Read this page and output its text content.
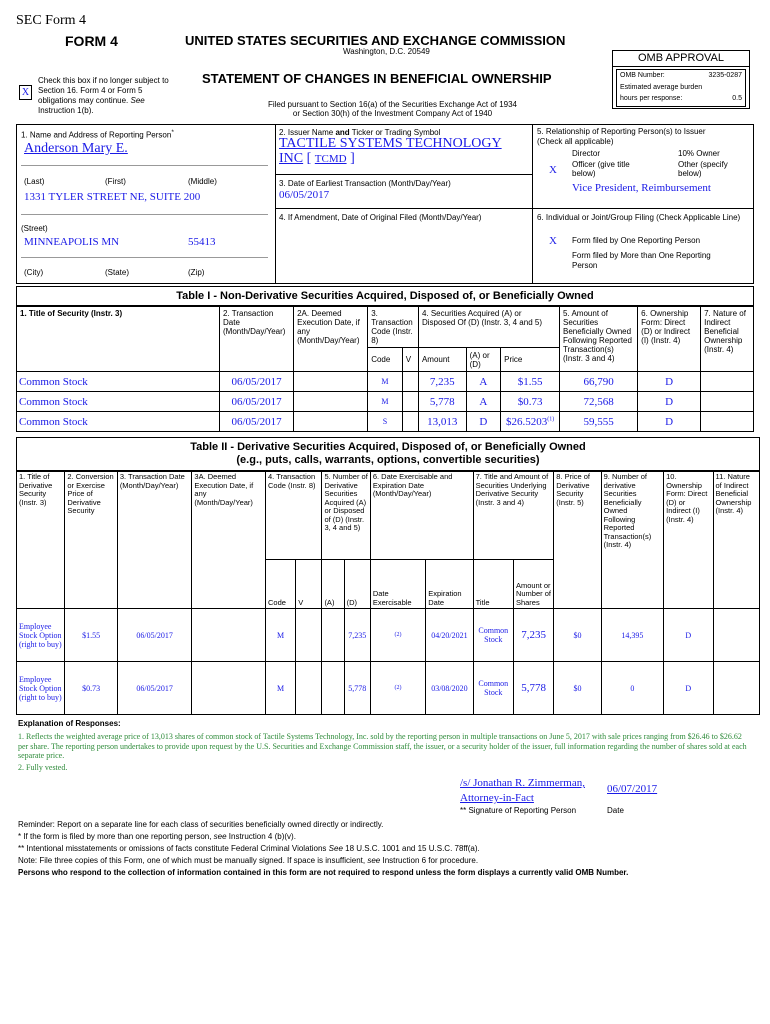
SEC Form 4
FORM 4	UNITED STATES SECURITIES AND EXCHANGE COMMISSION
Washington, D.C. 20549
X
Check this box if no longer subject to Section 16. Form 4 or Form 5 obligations may continue. See
Instruction 1(b).
STATEMENT OF CHANGES IN BENEFICIAL OWNERSHIP
Filed pursuant to Section 16(a) of the Securities Exchange Act of 1934
or Section 30(h) of the Investment Company Act of 1940
OMB APPROVAL
OMB Number:	3235-0287
Estimated average burden
hours per response:	0.5
1. Name and Address of Reporting Person*
Anderson Mary E.
(Last)	(First)	(Middle)
1331 TYLER STREET NE, SUITE 200
(Street)
MINNEAPOLIS MN	55413
(City)	(State)	(Zip)
2. Issuer Name and Ticker or Trading Symbol
TACTILE SYSTEMS TECHNOLOGY INC [ TCMD ]
3. Date of Earliest Transaction (Month/Day/Year)
06/05/2017
4. If Amendment, Date of Original Filed (Month/Day/Year)
5. Relationship of Reporting Person(s) to Issuer
(Check all applicable)
Director	10% Owner
X Officer (give title below)
Other (specify below)
Vice President, Reimbursement
6. Individual or Joint/Group Filing (Check Applicable Line)
X Form filed by One Reporting Person
Form filed by More than One Reporting Person
Table I - Non-Derivative Securities Acquired, Disposed of, or Beneficially Owned
1. Title of Security (Instr. 3)	2. Transaction Date (Month/Day/Year)	2A. Deemed Execution Date, if any (Month/Day/Year)	3. Transaction Code (Instr. 8)		4. Securities Acquired (A) or Disposed Of (D) (Instr. 3, 4 and 5)			5. Amount of Securities Beneficially Owned Following Reported Transaction(s) (Instr. 3 and 4)	6. Ownership Form: Direct (D) or Indirect (I) (Instr. 4)	7. Nature of Indirect Beneficial Ownership (Instr. 4)
			Code	V	Amount	(A) or (D)	Price			
Common Stock	06/05/2017		M		7,235	A	$1.55	66,790	D	
Common Stock	06/05/2017		M		5,778	A	$0.73	72,568	D	
Common Stock	06/05/2017		S		13,013	D	$26.5203$^{(1)}$	59,555	D	
Table II - Derivative Securities Acquired, Disposed of, or Beneficially Owned
(e.g., puts, calls, warrants, options, convertible securities)
1. Title of Derivative Security (Instr. 3)	2. Conversion or Exercise Price of Derivative Security	3. Transaction Date (Month/Day/Year)	3A. Deemed Execution Date, if any (Month/Day/Year)	4. Transaction Code (Instr. 8)		5. Number of Derivative Securities Acquired (A) or Disposed of (D) (Instr. 3, 4 and 5)		6. Date Exercisable and Expiration Date (Month/Day/Year)		7. Title and Amount of Securities Underlying Derivative Security (Instr. 3 and 4)		8. Price of Derivative Security (Instr. 5)	9. Number of derivative Securities Beneficially Owned Following Reported Transaction(s) (Instr. 4)	10. Ownership Form: Direct (D) or Indirect (I) (Instr. 4)	11. Nature of Indirect Beneficial Ownership (Instr. 4)
				Code	V	(A)	(D)	Date Exercisable	Expiration Date	Title	Amount or Number of Shares				
Employee Stock Option (right to buy)	$1.55	06/05/2017		M			7,235	(2)	04/20/2021	Common Stock	7,235	$0	14,395	D	
Employee Stock Option (right to buy)	$0.73	06/05/2017		M			5,778	(2)	03/08/2020	Common Stock	5,778	$0	0	D	
Explanation of Responses:
1. Reflects the weighted average price of 13,013 shares of common stock of Tactile Systems Technology, Inc. sold by the reporting person in multiple transactions on June 5, 2017 with sale prices ranging from $26.46 to $26.62 per share. The reporting person undertakes to provide upon request by the U.S. Securities and Exchange Commission staff, the issuer, or a security holder of the issuer, full information regarding the number of shares sold at each separate price.
2. Fully vested.
/s/ Jonathan R. Zimmerman, Attorney-in-Fact
06/07/2017
** Signature of Reporting Person	Date
Reminder: Report on a separate line for each class of securities beneficially owned directly or indirectly.
* If the form is filed by more than one reporting person, see Instruction 4 (b)(v).
** Intentional misstatements or omissions of facts constitute Federal Criminal Violations See 18 U.S.C. 1001 and 15 U.S.C. 78ff(a).
Note: File three copies of this Form, one of which must be manually signed. If space is insufficient, see Instruction 6 for procedure.
Persons who respond to the collection of information contained in this form are not required to respond unless the form displays a currently valid OMB Number.
